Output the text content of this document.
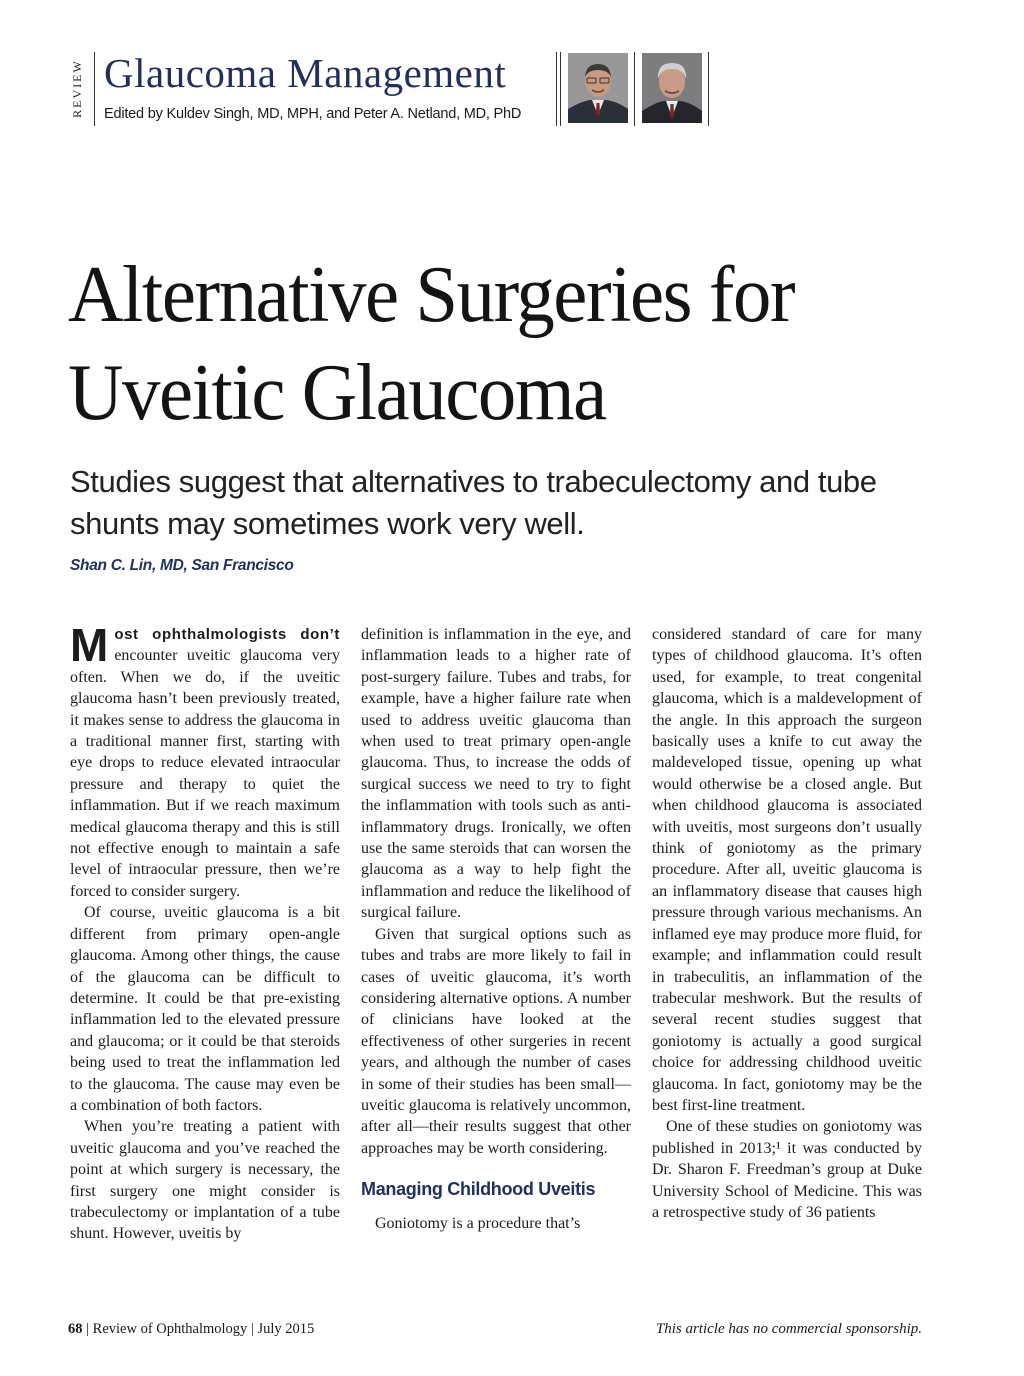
REVIEW Glaucoma Management
Edited by Kuldev Singh, MD, MPH, and Peter A. Netland, MD, PhD
Alternative Surgeries for
Uveitic Glaucoma

Studies suggest that alternatives to trabeculectomy and tube shunts may sometimes work very well.

Shan C. Lin, MD, San Francisco

Most ophthalmologists don’t encounter uveitic glaucoma very often. When we do, if the uveitic glaucoma hasn’t been previously treated, it makes sense to address the glaucoma in a traditional manner first, starting with eye drops to reduce elevated intraocular pressure and therapy to quiet the inflammation. But if we reach maximum medical glaucoma therapy and this is still not effective enough to maintain a safe level of intraocular pressure, then we’re forced to consider surgery.

Of course, uveitic glaucoma is a bit different from primary open-angle glaucoma. Among other things, the cause of the glaucoma can be difficult to determine. It could be that pre-existing inflammation led to the elevated pressure and glaucoma; or it could be that steroids being used to treat the inflammation led to the glaucoma. The cause may even be a combination of both factors.

When you’re treating a patient with uveitic glaucoma and you’ve reached the point at which surgery is necessary, the first surgery one might consider is trabeculectomy or implantation of a tube shunt. However, uveitis by

definition is inflammation in the eye, and inflammation leads to a higher rate of post-surgery failure. Tubes and trabs, for example, have a higher failure rate when used to address uveitic glaucoma than when used to treat primary open-angle glaucoma. Thus, to increase the odds of surgical success we need to try to fight the inflammation with tools such as anti-inflammatory drugs. Ironically, we often use the same steroids that can worsen the glaucoma as a way to help fight the inflammation and reduce the likelihood of surgical failure.

Given that surgical options such as tubes and trabs are more likely to fail in cases of uveitic glaucoma, it’s worth considering alternative options. A number of clinicians have looked at the effectiveness of other surgeries in recent years, and although the number of cases in some of their studies has been small—uveitic glaucoma is relatively uncommon, after all—their results suggest that other approaches may be worth considering.

Managing Childhood Uveitis

Goniotomy is a procedure that’s

considered standard of care for many types of childhood glaucoma. It’s often used, for example, to treat congenital glaucoma, which is a maldevelopment of the angle. In this approach the surgeon basically uses a knife to cut away the maldeveloped tissue, opening up what would otherwise be a closed angle. But when childhood glaucoma is associated with uveitis, most surgeons don’t usually think of goniotomy as the primary procedure. After all, uveitic glaucoma is an inflammatory disease that causes high pressure through various mechanisms. An inflamed eye may produce more fluid, for example; and inflammation could result in trabeculitis, an inflammation of the trabecular meshwork. But the results of several recent studies suggest that goniotomy is actually a good surgical choice for addressing childhood uveitic glaucoma. In fact, goniotomy may be the best first-line treatment.

One of these studies on goniotomy was published in 2013;¹ it was conducted by Dr. Sharon F. Freedman’s group at Duke University School of Medicine. This was a retrospective study of 36 patients

68 | Review of Ophthalmology | July 2015	This article has no commercial sponsorship.
